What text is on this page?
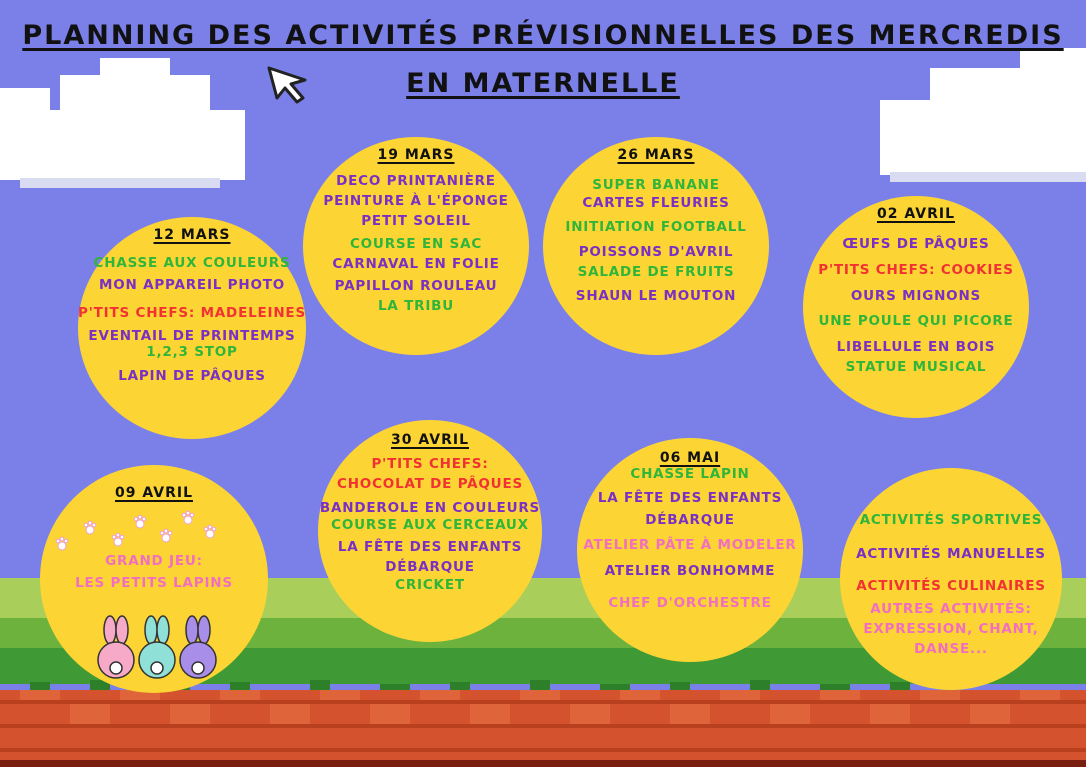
PLANNING DES ACTIVITÉS PRÉVISIONNELLES DES MERCREDIS
EN MATERNELLE
12 MARS
CHASSE AUX COULEURS
MON APPAREIL PHOTO
P'TITS CHEFS: MADELEINES
EVENTAIL DE PRINTEMPS
1,2,3 STOP
LAPIN DE PÂQUES
19 MARS
DECO PRINTANIÈRE
PEINTURE À L'ÉPONGE
PETIT SOLEIL
COURSE EN SAC
CARNAVAL EN FOLIE
PAPILLON ROULEAU
LA TRIBU
26 MARS
SUPER BANANE
CARTES FLEURIES
INITIATION FOOTBALL
POISSONS D'AVRIL
SALADE DE FRUITS
SHAUN LE MOUTON
02 AVRIL
ŒUFS DE PÂQUES
P'TITS CHEFS: COOKIES
OURS MIGNONS
UNE POULE QUI PICORE
LIBELLULE EN BOIS
STATUE MUSICAL
09 AVRIL
GRAND JEU:
LES PETITS LAPINS
30 AVRIL
P'TITS CHEFS:
CHOCOLAT DE PÂQUES
BANDEROLE EN COULEURS
COURSE AUX CERCEAUX
LA FÊTE DES ENFANTS
DÉBARQUE
CRICKET
06 MAI
CHASSE LAPIN
LA FÊTE DES ENFANTS
DÉBARQUE
ATELIER PÂTE À MODELER
ATELIER BONHOMME
CHEF D'ORCHESTRE
ACTIVITÉS SPORTIVES
ACTIVITÉS MANUELLES
ACTIVITÉS CULINAIRES
AUTRES ACTIVITÉS:
EXPRESSION, CHANT,
DANSE...
